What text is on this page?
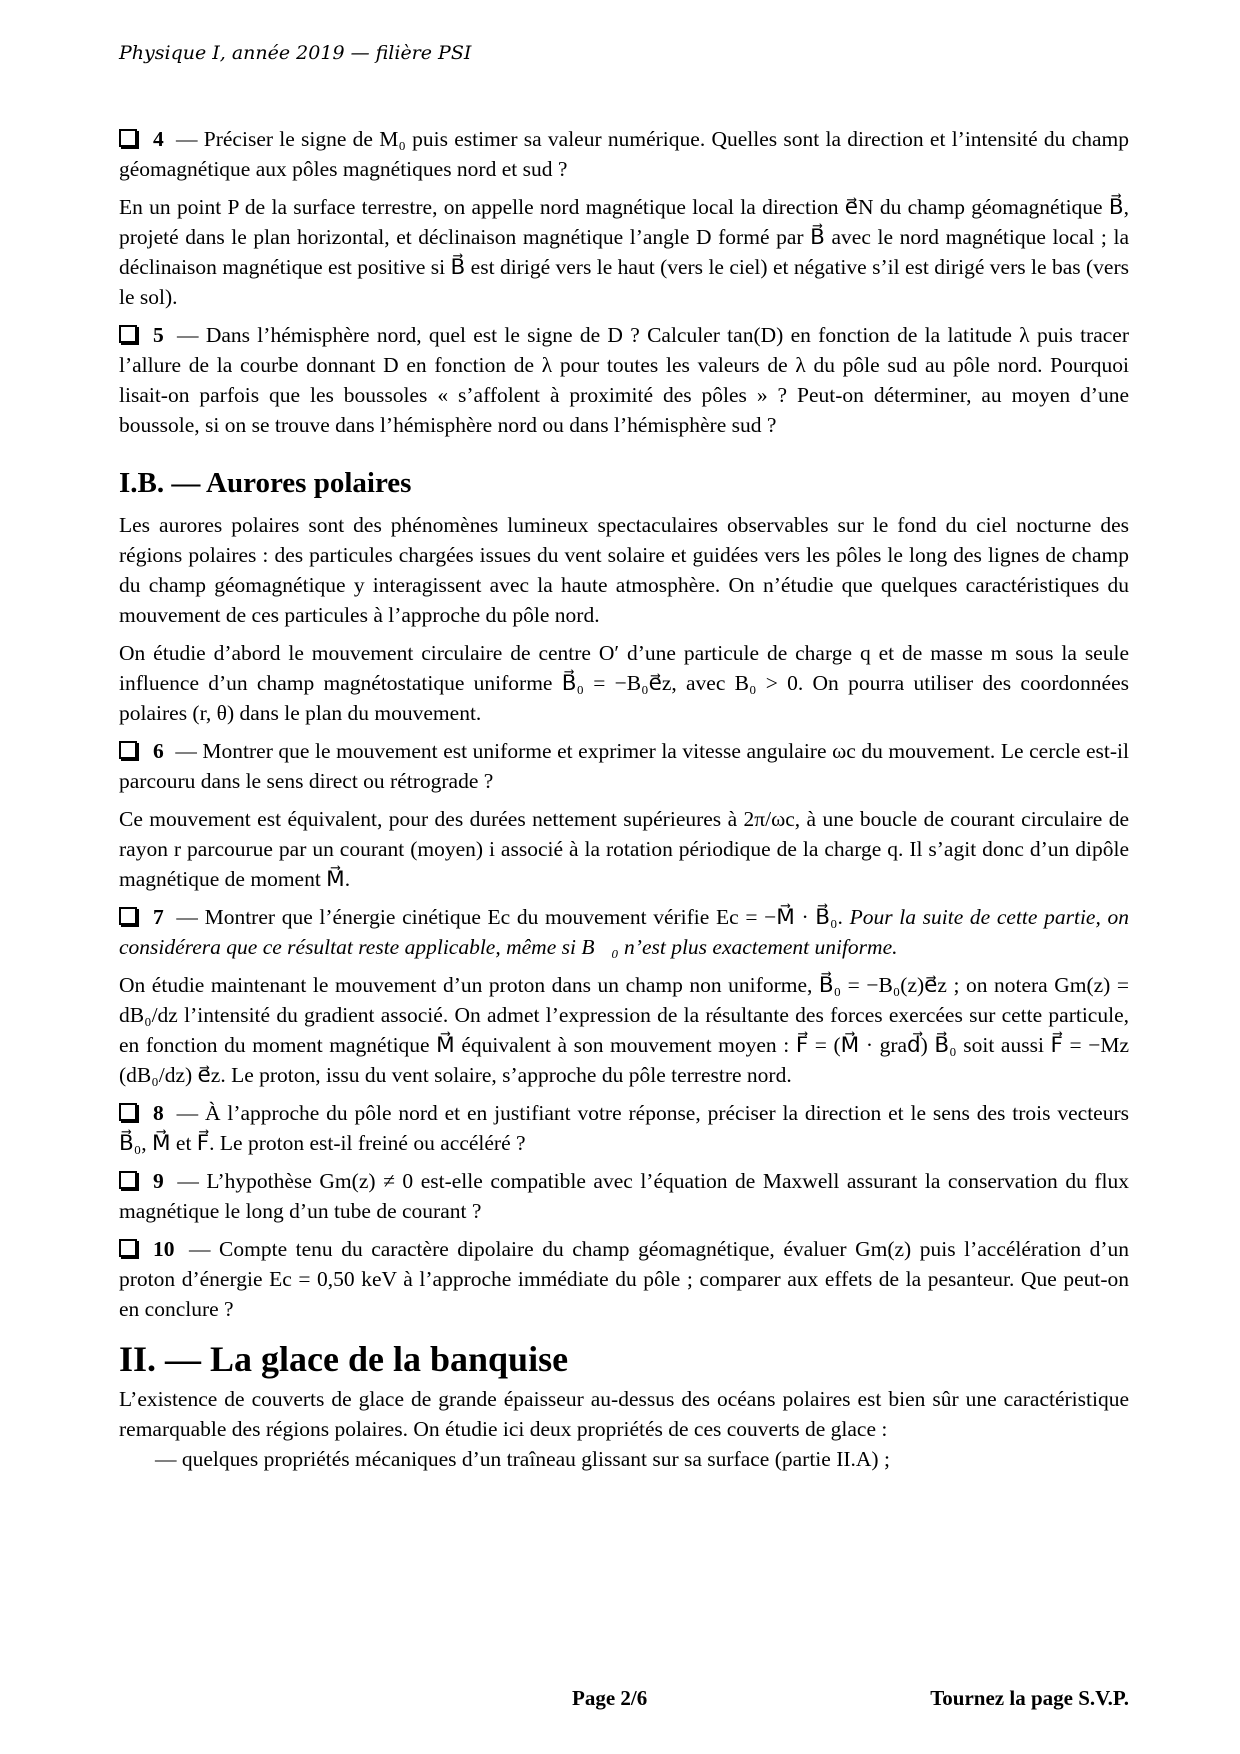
Physique I, année 2019 — filière PSI

4 — Préciser le signe de M₀ puis estimer sa valeur numérique. Quelles sont la direction et l’intensité du champ géomagnétique aux pôles magnétiques nord et sud ?

En un point P de la surface terrestre, on appelle nord magnétique local la direction e⃗N du champ géomagnétique B⃗, projeté dans le plan horizontal, et déclinaison magnétique l’angle D formé par B⃗ avec le nord magnétique local ; la déclinaison magnétique est positive si B⃗ est dirigé vers le haut (vers le ciel) et négative s’il est dirigé vers le bas (vers le sol).

5 — Dans l’hémisphère nord, quel est le signe de D ? Calculer tan(D) en fonction de la latitude λ puis tracer l’allure de la courbe donnant D en fonction de λ pour toutes les valeurs de λ du pôle sud au pôle nord. Pourquoi lisait-on parfois que les boussoles « s’affolent à proximité des pôles » ? Peut-on déterminer, au moyen d’une boussole, si on se trouve dans l’hémisphère nord ou dans l’hémisphère sud ?

I.B. — Aurores polaires

Les aurores polaires sont des phénomènes lumineux spectaculaires observables sur le fond du ciel nocturne des régions polaires : des particules chargées issues du vent solaire et guidées vers les pôles le long des lignes de champ du champ géomagnétique y interagissent avec la haute atmosphère. On n’étudie que quelques caractéristiques du mouvement de ces particules à l’approche du pôle nord.

On étudie d’abord le mouvement circulaire de centre O′ d’une particule de charge q et de masse m sous la seule influence d’un champ magnétostatique uniforme B⃗₀ = −B₀e⃗z, avec B₀ > 0. On pourra utiliser des coordonnées polaires (r, θ) dans le plan du mouvement.

6 — Montrer que le mouvement est uniforme et exprimer la vitesse angulaire ωc du mouvement. Le cercle est-il parcouru dans le sens direct ou rétrograde ?

Ce mouvement est équivalent, pour des durées nettement supérieures à 2π/ωc, à une boucle de courant circulaire de rayon r parcourue par un courant (moyen) i associé à la rotation périodique de la charge q. Il s’agit donc d’un dipôle magnétique de moment M⃗.

7 — Montrer que l’énergie cinétique Ec du mouvement vérifie Ec = −M⃗ · B⃗₀. Pour la suite de cette partie, on considérera que ce résultat reste applicable, même si B⃗₀ n’est plus exactement uniforme.

On étudie maintenant le mouvement d’un proton dans un champ non uniforme, B⃗₀ = −B₀(z)e⃗z ; on notera Gm(z) = dB₀/dz l’intensité du gradient associé. On admet l’expression de la résultante des forces exercées sur cette particule, en fonction du moment magnétique M⃗ équivalent à son mouvement moyen : F⃗ = (M⃗ · grad⃗) B⃗₀ soit aussi F⃗ = −Mz (dB₀/dz) e⃗z. Le proton, issu du vent solaire, s’approche du pôle terrestre nord.

8 — À l’approche du pôle nord et en justifiant votre réponse, préciser la direction et le sens des trois vecteurs B⃗₀, M⃗ et F⃗. Le proton est-il freiné ou accéléré ?

9 — L’hypothèse Gm(z) ≠ 0 est-elle compatible avec l’équation de Maxwell assurant la conservation du flux magnétique le long d’un tube de courant ?

10 — Compte tenu du caractère dipolaire du champ géomagnétique, évaluer Gm(z) puis l’accélération d’un proton d’énergie Ec = 0,50 keV à l’approche immédiate du pôle ; comparer aux effets de la pesanteur. Que peut-on en conclure ?

II. — La glace de la banquise

L’existence de couverts de glace de grande épaisseur au-dessus des océans polaires est bien sûr une caractéristique remarquable des régions polaires. On étudie ici deux propriétés de ces couverts de glace :

— quelques propriétés mécaniques d’un traîneau glissant sur sa surface (partie II.A) ;

Page 2/6	Tournez la page S.V.P.
